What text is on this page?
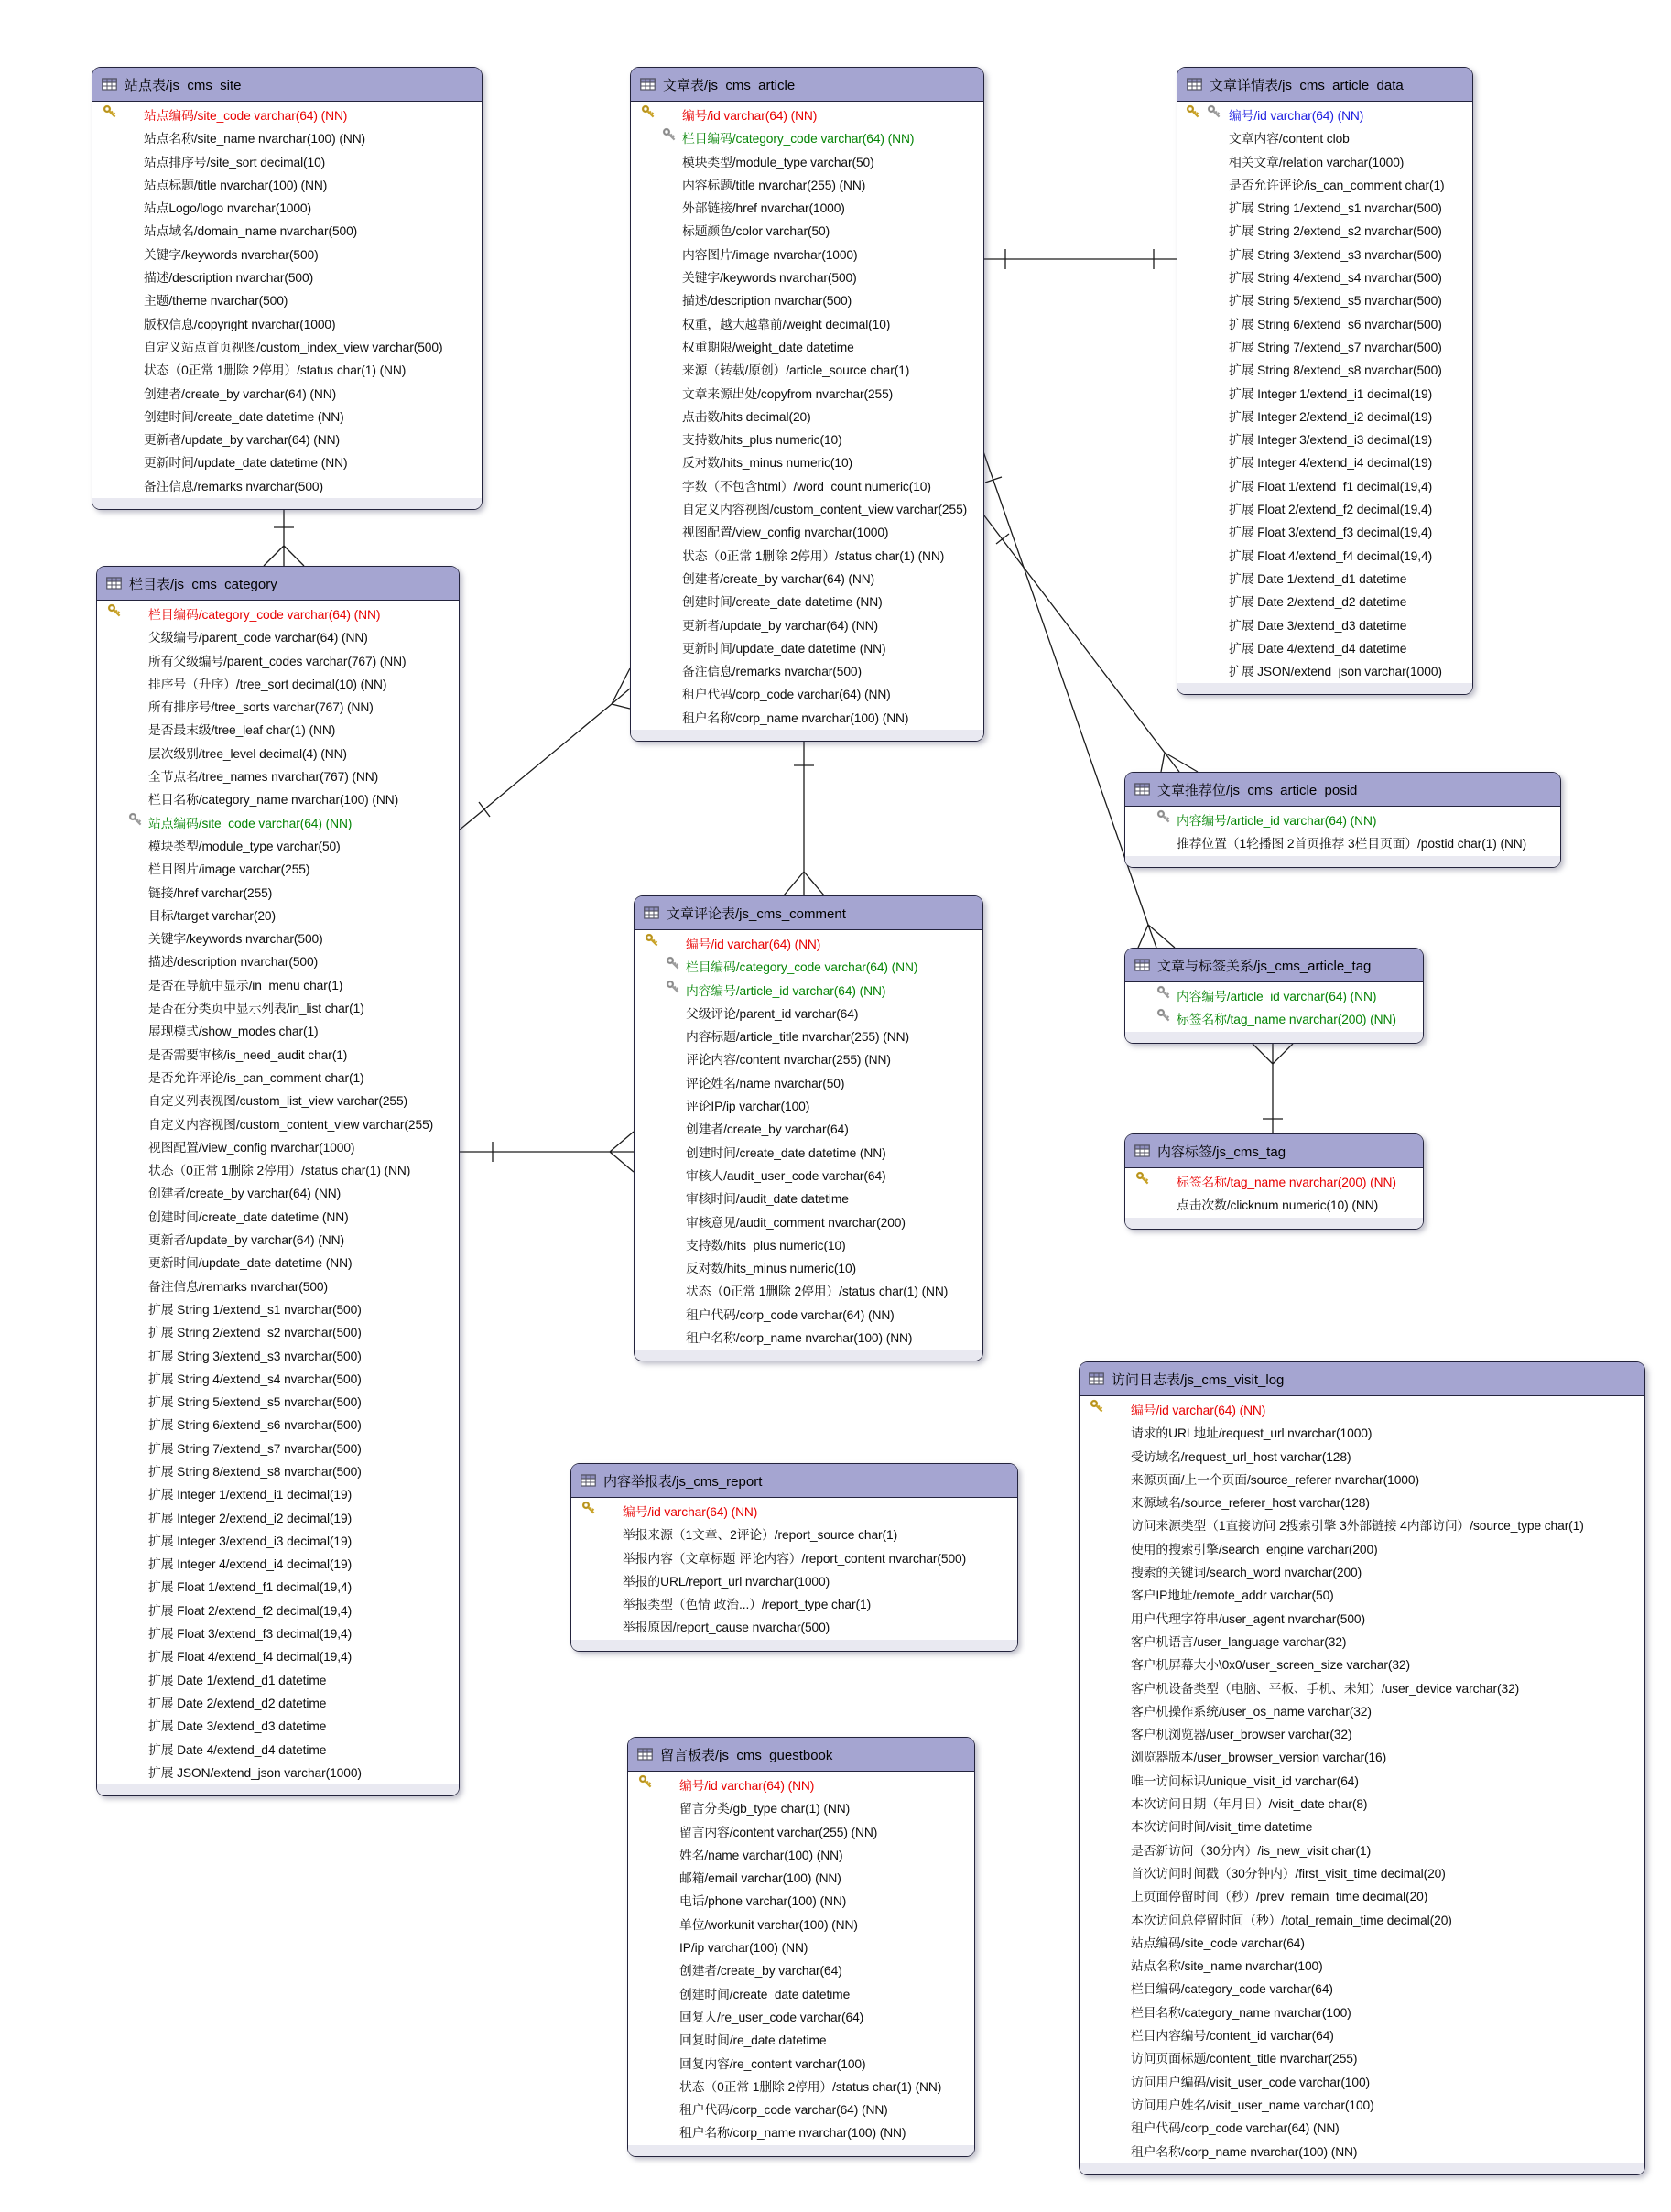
站点表/js_cms_site
站点编码/site_code varchar(64) (NN)
站点名称/site_name nvarchar(100) (NN)
站点排序号/site_sort decimal(10)
站点标题/title nvarchar(100) (NN)
站点Logo/logo nvarchar(1000)
站点域名/domain_name nvarchar(500)
关键字/keywords nvarchar(500)
描述/description nvarchar(500)
主题/theme nvarchar(500)
版权信息/copyright nvarchar(1000)
自定义站点首页视图/custom_index_view varchar(500)
状态（0正常 1删除 2停用）/status char(1) (NN)
创建者/create_by varchar(64) (NN)
创建时间/create_date datetime (NN)
更新者/update_by varchar(64) (NN)
更新时间/update_date datetime (NN)
备注信息/remarks nvarchar(500)
栏目表/js_cms_category
栏目编码/category_code varchar(64) (NN)
父级编号/parent_code varchar(64) (NN)
所有父级编号/parent_codes varchar(767) (NN)
排序号（升序）/tree_sort decimal(10) (NN)
所有排序号/tree_sorts varchar(767) (NN)
是否最末级/tree_leaf char(1) (NN)
层次级别/tree_level decimal(4) (NN)
全节点名/tree_names nvarchar(767) (NN)
栏目名称/category_name nvarchar(100) (NN)
站点编码/site_code varchar(64) (NN)
模块类型/module_type varchar(50)
栏目图片/image varchar(255)
链接/href varchar(255)
目标/target varchar(20)
关键字/keywords nvarchar(500)
描述/description nvarchar(500)
是否在导航中显示/in_menu char(1)
是否在分类页中显示列表/in_list char(1)
展现模式/show_modes char(1)
是否需要审核/is_need_audit char(1)
是否允许评论/is_can_comment char(1)
自定义列表视图/custom_list_view varchar(255)
自定义内容视图/custom_content_view varchar(255)
视图配置/view_config nvarchar(1000)
状态（0正常 1删除 2停用）/status char(1) (NN)
创建者/create_by varchar(64) (NN)
创建时间/create_date datetime (NN)
更新者/update_by varchar(64) (NN)
更新时间/update_date datetime (NN)
备注信息/remarks nvarchar(500)
扩展 String 1/extend_s1 nvarchar(500)
扩展 String 2/extend_s2 nvarchar(500)
扩展 String 3/extend_s3 nvarchar(500)
扩展 String 4/extend_s4 nvarchar(500)
扩展 String 5/extend_s5 nvarchar(500)
扩展 String 6/extend_s6 nvarchar(500)
扩展 String 7/extend_s7 nvarchar(500)
扩展 String 8/extend_s8 nvarchar(500)
扩展 Integer 1/extend_i1 decimal(19)
扩展 Integer 2/extend_i2 decimal(19)
扩展 Integer 3/extend_i3 decimal(19)
扩展 Integer 4/extend_i4 decimal(19)
扩展 Float 1/extend_f1 decimal(19,4)
扩展 Float 2/extend_f2 decimal(19,4)
扩展 Float 3/extend_f3 decimal(19,4)
扩展 Float 4/extend_f4 decimal(19,4)
扩展 Date 1/extend_d1 datetime
扩展 Date 2/extend_d2 datetime
扩展 Date 3/extend_d3 datetime
扩展 Date 4/extend_d4 datetime
扩展 JSON/extend_json varchar(1000)
文章表/js_cms_article
编号/id varchar(64) (NN)
栏目编码/category_code varchar(64) (NN)
模块类型/module_type varchar(50)
内容标题/title nvarchar(255) (NN)
外部链接/href nvarchar(1000)
标题颜色/color varchar(50)
内容图片/image nvarchar(1000)
关键字/keywords nvarchar(500)
描述/description nvarchar(500)
权重，越大越靠前/weight decimal(10)
权重期限/weight_date datetime
来源（转载/原创）/article_source char(1)
文章来源出处/copyfrom nvarchar(255)
点击数/hits decimal(20)
支持数/hits_plus numeric(10)
反对数/hits_minus numeric(10)
字数（不包含html）/word_count numeric(10)
自定义内容视图/custom_content_view varchar(255)
视图配置/view_config nvarchar(1000)
状态（0正常 1删除 2停用）/status char(1) (NN)
创建者/create_by varchar(64) (NN)
创建时间/create_date datetime (NN)
更新者/update_by varchar(64) (NN)
更新时间/update_date datetime (NN)
备注信息/remarks nvarchar(500)
租户代码/corp_code varchar(64) (NN)
租户名称/corp_name nvarchar(100) (NN)
文章详情表/js_cms_article_data
编号/id varchar(64) (NN)
文章内容/content clob
相关文章/relation varchar(1000)
是否允许评论/is_can_comment char(1)
扩展 String 1/extend_s1 nvarchar(500)
扩展 String 2/extend_s2 nvarchar(500)
扩展 String 3/extend_s3 nvarchar(500)
扩展 String 4/extend_s4 nvarchar(500)
扩展 String 5/extend_s5 nvarchar(500)
扩展 String 6/extend_s6 nvarchar(500)
扩展 String 7/extend_s7 nvarchar(500)
扩展 String 8/extend_s8 nvarchar(500)
扩展 Integer 1/extend_i1 decimal(19)
扩展 Integer 2/extend_i2 decimal(19)
扩展 Integer 3/extend_i3 decimal(19)
扩展 Integer 4/extend_i4 decimal(19)
扩展 Float 1/extend_f1 decimal(19,4)
扩展 Float 2/extend_f2 decimal(19,4)
扩展 Float 3/extend_f3 decimal(19,4)
扩展 Float 4/extend_f4 decimal(19,4)
扩展 Date 1/extend_d1 datetime
扩展 Date 2/extend_d2 datetime
扩展 Date 3/extend_d3 datetime
扩展 Date 4/extend_d4 datetime
扩展 JSON/extend_json varchar(1000)
文章推荐位/js_cms_article_posid
内容编号/article_id varchar(64) (NN)
推荐位置（1轮播图 2首页推荐 3栏目页面）/postid char(1) (NN)
文章与标签关系/js_cms_article_tag
内容编号/article_id varchar(64) (NN)
标签名称/tag_name nvarchar(200) (NN)
内容标签/js_cms_tag
标签名称/tag_name nvarchar(200) (NN)
点击次数/clicknum numeric(10) (NN)
文章评论表/js_cms_comment
编号/id varchar(64) (NN)
栏目编码/category_code varchar(64) (NN)
内容编号/article_id varchar(64) (NN)
父级评论/parent_id varchar(64)
内容标题/article_title nvarchar(255) (NN)
评论内容/content nvarchar(255) (NN)
评论姓名/name nvarchar(50)
评论IP/ip varchar(100)
创建者/create_by varchar(64)
创建时间/create_date datetime (NN)
审核人/audit_user_code varchar(64)
审核时间/audit_date datetime
审核意见/audit_comment nvarchar(200)
支持数/hits_plus numeric(10)
反对数/hits_minus numeric(10)
状态（0正常 1删除 2停用）/status char(1) (NN)
租户代码/corp_code varchar(64) (NN)
租户名称/corp_name nvarchar(100) (NN)
内容举报表/js_cms_report
编号/id varchar(64) (NN)
举报来源（1文章、2评论）/report_source char(1)
举报内容（文章标题 评论内容）/report_content nvarchar(500)
举报的URL/report_url nvarchar(1000)
举报类型（色情 政治...）/report_type char(1)
举报原因/report_cause nvarchar(500)
留言板表/js_cms_guestbook
编号/id varchar(64) (NN)
留言分类/gb_type char(1) (NN)
留言内容/content varchar(255) (NN)
姓名/name varchar(100) (NN)
邮箱/email varchar(100) (NN)
电话/phone varchar(100) (NN)
单位/workunit varchar(100) (NN)
IP/ip varchar(100) (NN)
创建者/create_by varchar(64)
创建时间/create_date datetime
回复人/re_user_code varchar(64)
回复时间/re_date datetime
回复内容/re_content varchar(100)
状态（0正常 1删除 2停用）/status char(1) (NN)
租户代码/corp_code varchar(64) (NN)
租户名称/corp_name nvarchar(100) (NN)
访问日志表/js_cms_visit_log
编号/id varchar(64) (NN)
请求的URL地址/request_url nvarchar(1000)
受访域名/request_url_host varchar(128)
来源页面/上一个页面/source_referer nvarchar(1000)
来源域名/source_referer_host varchar(128)
访问来源类型（1直接访问 2搜索引擎 3外部链接 4内部访问）/source_type char(1)
使用的搜索引擎/search_engine varchar(200)
搜索的关键词/search_word nvarchar(200)
客户IP地址/remote_addr varchar(50)
用户代理字符串/user_agent nvarchar(500)
客户机语言/user_language varchar(32)
客户机屏幕大小\0x0/user_screen_size varchar(32)
客户机设备类型（电脑、平板、手机、未知）/user_device varchar(32)
客户机操作系统/user_os_name varchar(32)
客户机浏览器/user_browser varchar(32)
浏览器版本/user_browser_version varchar(16)
唯一访问标识/unique_visit_id varchar(64)
本次访问日期（年月日）/visit_date char(8)
本次访问时间/visit_time datetime
是否新访问（30分内）/is_new_visit char(1)
首次访问时间戳（30分钟内）/first_visit_time decimal(20)
上页面停留时间（秒）/prev_remain_time decimal(20)
本次访问总停留时间（秒）/total_remain_time decimal(20)
站点编码/site_code varchar(64)
站点名称/site_name nvarchar(100)
栏目编码/category_code varchar(64)
栏目名称/category_name nvarchar(100)
栏目内容编号/content_id varchar(64)
访问页面标题/content_title nvarchar(255)
访问用户编码/visit_user_code varchar(100)
访问用户姓名/visit_user_name varchar(100)
租户代码/corp_code varchar(64) (NN)
租户名称/corp_name nvarchar(100) (NN)
